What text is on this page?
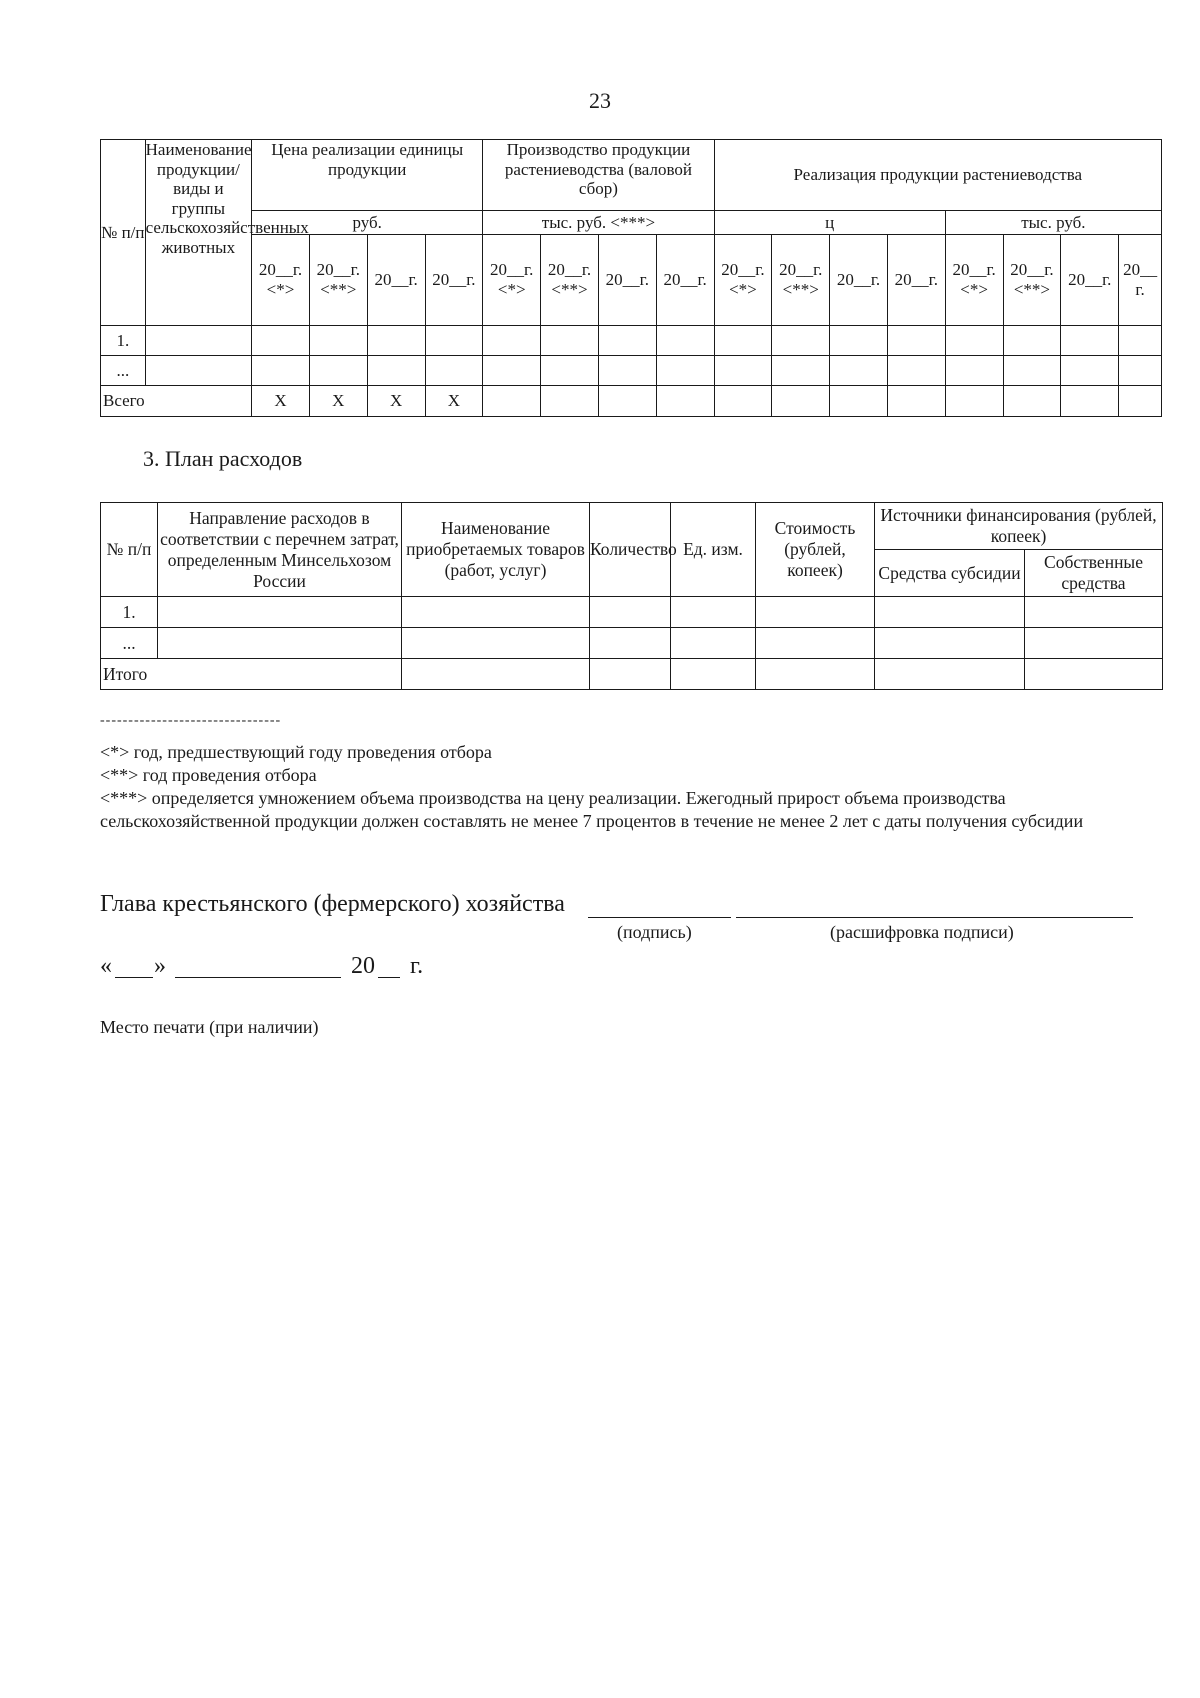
23
№ п/п	Наименование продукции/ виды и группы сельскохозяйственных животных	Цена реализации единицы продукции				Производство продукции растениеводства (валовой сбор)				Реализация продукции растениеводства							
		руб.				тыс. руб. <***>				ц				тыс. руб.			
		20__г. <*>	20__г. <**>	20__г.	20__г.	20__г. <*>	20__г. <**>	20__г.	20__г.	20__г. <*>	20__г. <**>	20__г.	20__г.	20__г. <*>	20__г. <**>	20__г.	20__ г.
1.																	
...																	
Всего		Х	Х	Х	Х												
3. План расходов
№ п/п	Направление расходов в соответствии с перечнем затрат, определенным Минсельхозом России	Наименование приобретаемых товаров (работ, услуг)	Количество	Ед. изм.	Стоимость (рублей, копеек)	Источники финансирования (рублей, копеек)	
						Средства субсидии	Собственные средства
1.							
...							
Итого							
--------------------------------
<*> год, предшествующий году проведения отбора
<**> год проведения отбора
<***> определяется умножением объема производства на цену реализации. Ежегодный прирост объема производства сельскохозяйственной продукции должен составлять не менее 7 процентов в течение не менее 2 лет с даты получения субсидии
Глава крестьянского (фермерского) хозяйства
(подпись)	(расшифровка подписи)
« »	20 г.
Место печати (при наличии)
